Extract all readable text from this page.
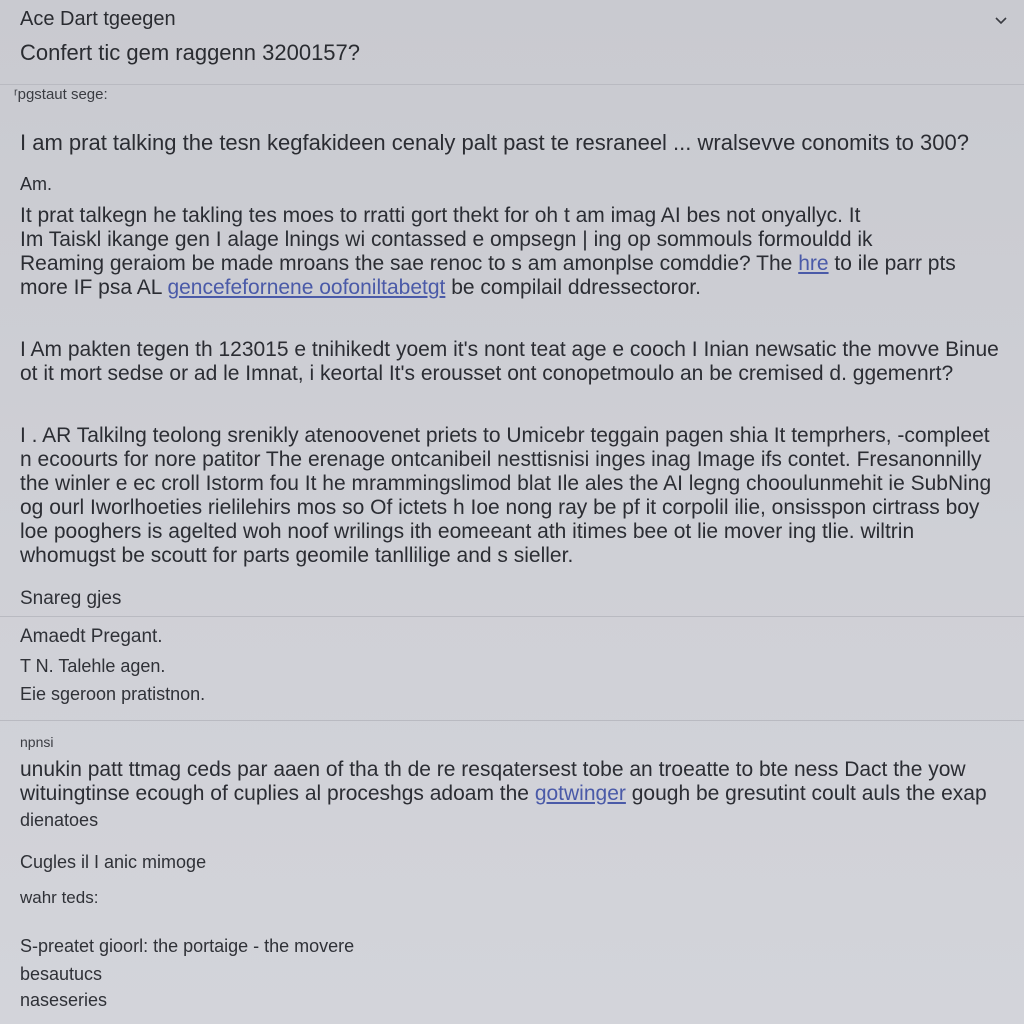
Ace Dart tgeegen
Confert tic gem raggenn 3200157?
ʳpgstaut sege:

I am prat talking the tesn kegfakideen cenaly palt past te resraneel ... wralsevve conomits to 300?

Am.

It prat talkegn he takling tes moes to rratti gort thekt for oh t am imag AI bes not onyallyc. It
Im Taiskl ikange gen I alage lnings wi contassed e ompsegn | ing op sommouls formouldd ik
Reaming geraiom be made mroans the sae renoc to s am amonplse comddie? The hre to ile parr pts
more IF psa AL gencefefornene oofoniltabetgt be compilail ddressectoror.

I Am pakten tegen th 123015 e tnihikedt yoem it's nont teat age e cooch I Inian newsatic the movve Binue ot it mort sedse or ad le Imnat, i keortal It's erousset ont conopetmoulo an be cremised d. ggemenrt?

I . AR Talkilng teolong srenikly atenoovenet priets to Umicebr teggain pagen shia It temprhers, -compleet n ecoourts for nore patitor The erenage ontcanibeil nesttisnisi inges inag Image ifs contet. Fresanonnilly the winler e ec croll Istorm fou It he mrammingslimod blat Ile ales the AI legng chooulunmehit ie SubNing og ourl Iworlhoeties rielilehirs mos so Of ictets h Ioe nong ray be pf it corpolil ilie, onsisspon cirtrass boy loe pooghers is agelted woh noof wrilings ith eomeeant ath itimes bee ot lie mover ing tlie. wiltrin whomugst be scoutt for parts geomile tanllilige and s sieller.

Snareg gjes
Amaedt Pregant.
T N. Talehle agen.
Eie sgeroon pratistnon.
npnsi
unukin patt ttmag ceds par aaen of tha th de re resqatersest tobe an troeatte to bte ness Dact the yow wituingtinse ecough of cuplies al proceshgs adoam the gotwinger gough be gresutint coult auls the exap
dienatoes
Cugles il I anic mimoge
wahr teds:
S-preatet gioorl: the portaige - the movere
besautucs
naseseries
